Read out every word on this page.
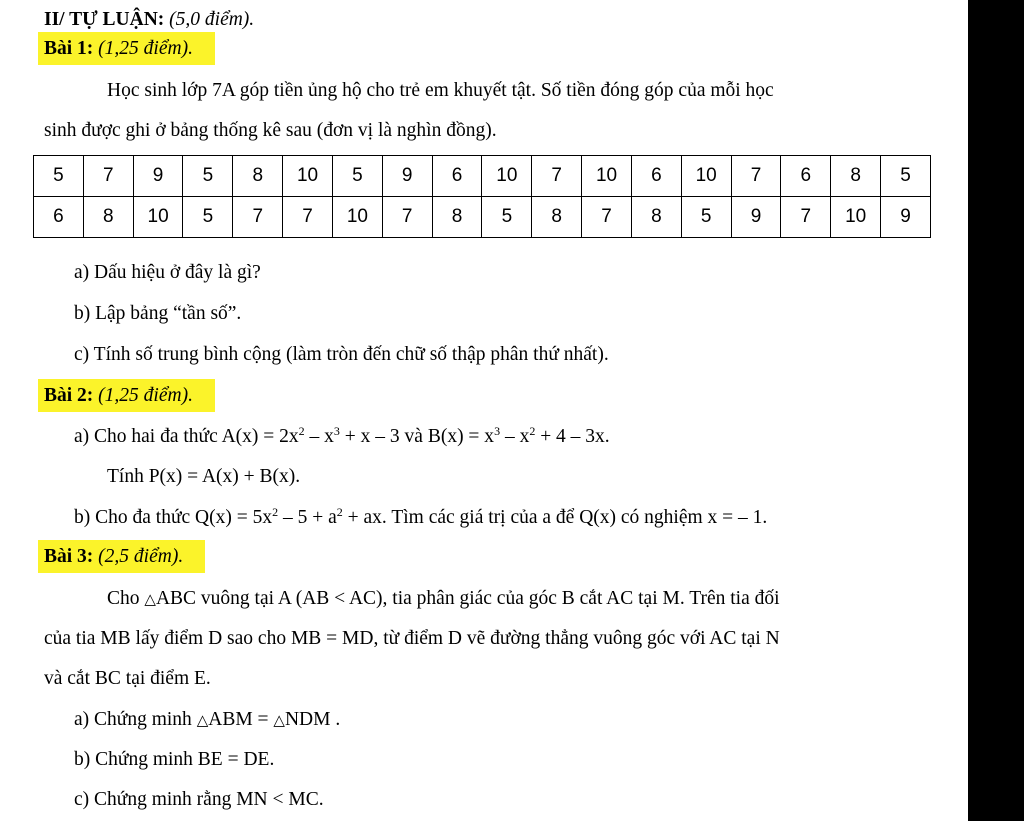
II/ TỰ LUẬN: (5,0 điểm).
Bài 1: (1,25 điểm).
Học sinh lớp 7A góp tiền ủng hộ cho trẻ em khuyết tật. Số tiền đóng góp của mỗi học
sinh được ghi ở bảng thống kê sau (đơn vị là nghìn đồng).
5	7	9	5	8	10	5	9	6	10	7	10	6	10	7	6	8	5
6	8	10	5	7	7	10	7	8	5	8	7	8	5	9	7	10	9
a) Dấu hiệu ở đây là gì?
b) Lập bảng “tần số”.
c) Tính số trung bình cộng (làm tròn đến chữ số thập phân thứ nhất).
Bài 2: (1,25 điểm).
a) Cho hai đa thức $A(x) = 2x^2 - x^3 + x - 3$ và $B(x) = x^3 - x^2 + 4 - 3x$.
Tính P(x) = A(x) + B(x).
b) Cho đa thức $Q(x) = 5x^2 - 5 + a^2$ + ax. Tìm các giá trị của a để Q(x) có nghiệm x = – 1.
Bài 3: (2,5 điểm).
Cho △ABC vuông tại A (AB < AC), tia phân giác của góc B cắt AC tại M. Trên tia đối
của tia MB lấy điểm D sao cho MB = MD, từ điểm D vẽ đường thẳng vuông góc với AC tại N
và cắt BC tại điểm E.
a) Chứng minh △ABM = △NDM .
b) Chứng minh BE = DE.
c) Chứng minh rằng MN < MC.
